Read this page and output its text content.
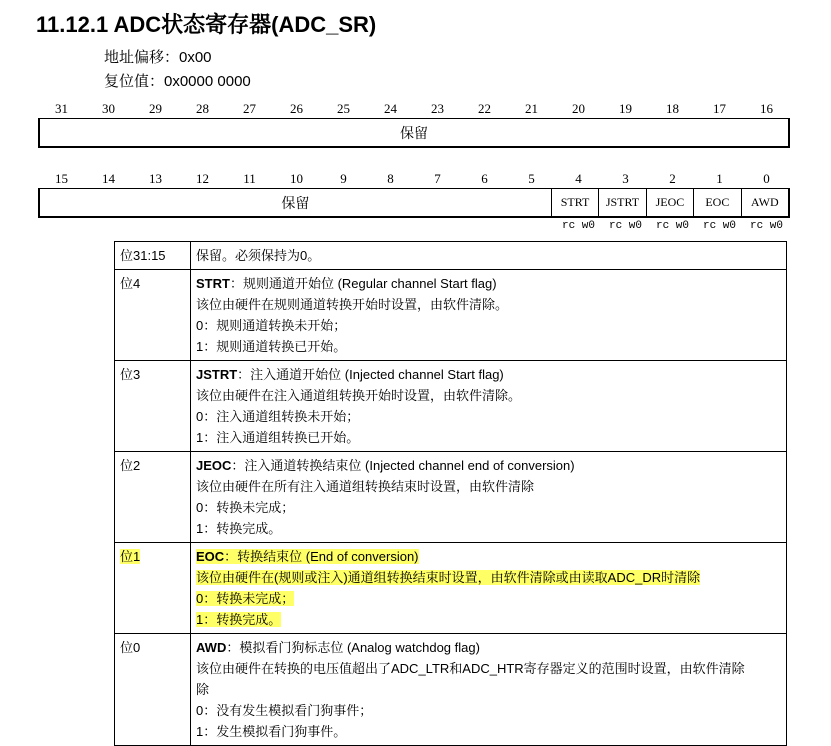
11.12.1 ADC状态寄存器(ADC_SR)
地址偏移：0x00
复位值：0x0000 0000
31	30	29	28	27	26	25	24	23	22	21	20	19	18	17	16
保留
15	14	13	12	11	10	9	8	7	6	5	4	3	2	1	0
保留	STRT	JSTRT	JEOC	EOC	AWD
rc w0	rc w0	rc w0	rc w0	rc w0
位31:15	保留。必须保持为0。

位4	STRT：规则通道开始位 (Regular channel Start flag)
该位由硬件在规则通道转换开始时设置，由软件清除。
0：规则通道转换未开始；
1：规则通道转换已开始。

位3	JSTRT：注入通道开始位 (Injected channel Start flag)
该位由硬件在注入通道组转换开始时设置，由软件清除。
0：注入通道组转换未开始；
1：注入通道组转换已开始。

位2	JEOC：注入通道转换结束位 (Injected channel end of conversion)
该位由硬件在所有注入通道组转换结束时设置，由软件清除
0：转换未完成；
1：转换完成。

位1	EOC：转换结束位 (End of conversion)
该位由硬件在(规则或注入)通道组转换结束时设置，由软件清除或由读取ADC_DR时清除
0：转换未完成；
1：转换完成。

位0	AWD：模拟看门狗标志位 (Analog watchdog flag)
该位由硬件在转换的电压值超出了ADC_LTR和ADC_HTR寄存器定义的范围时设置，由软件清除
除
0：没有发生模拟看门狗事件；
1：发生模拟看门狗事件。
